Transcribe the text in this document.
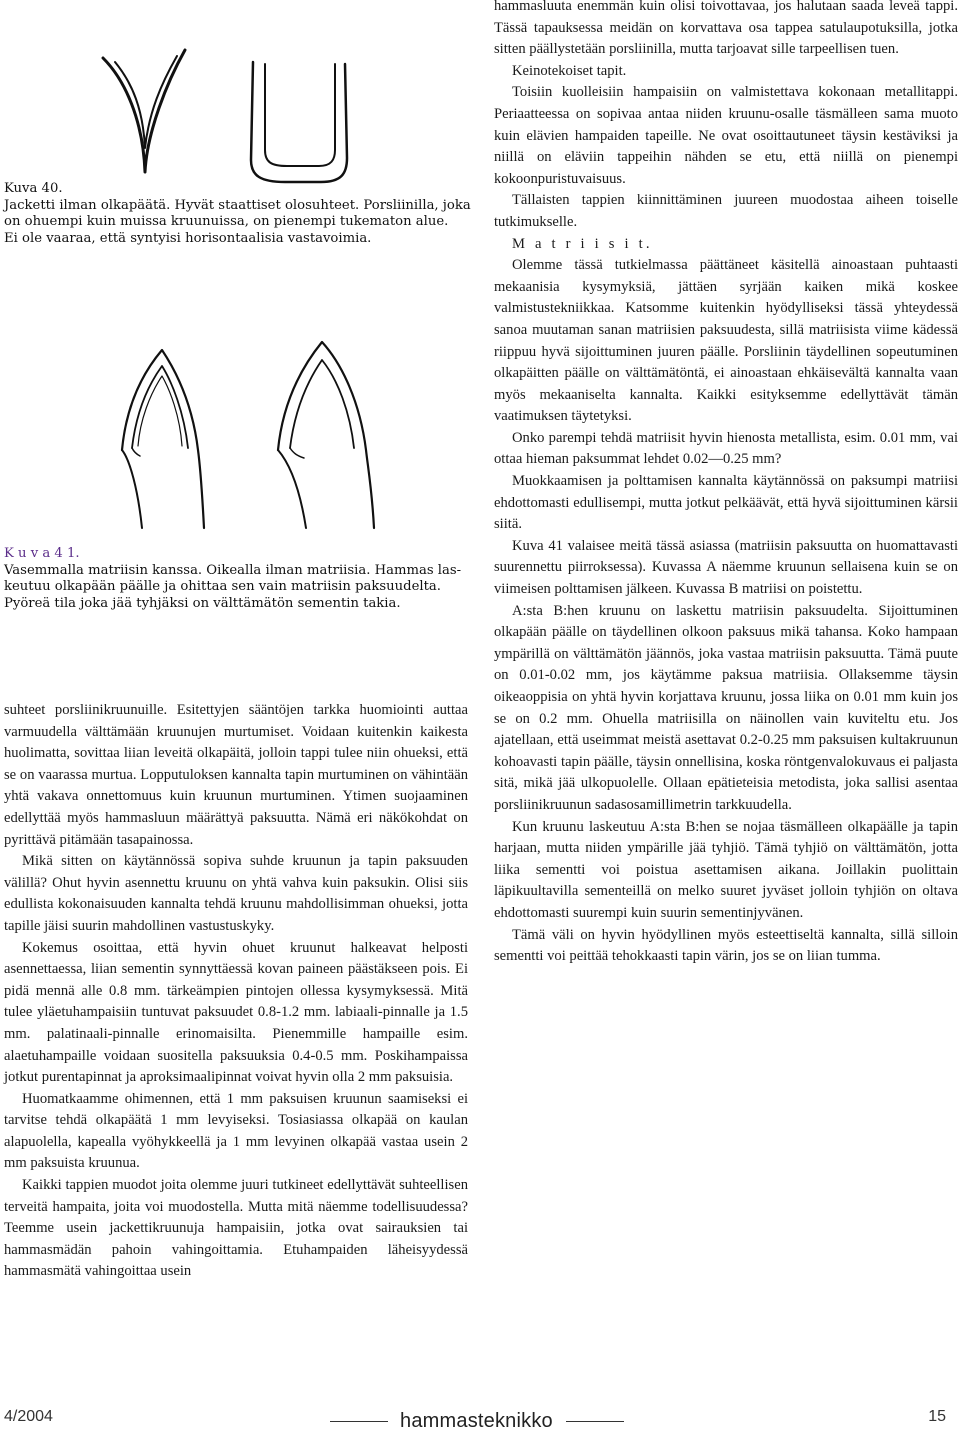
Kuva 40.

Jacketti ilman olkapäätä. Hyvät staattiset olosuhteet. Porsliinilla, joka

on ohuempi kuin muissa kruunuissa, on pienempi tukematon alue.

Ei ole vaaraa, että syntyisi horisontaalisia vastavoimia.

K u v a 4 1.

Vasemmalla matriisin kanssa. Oikealla ilman matriisia. Hammas las-

keutuu olkapään päälle ja ohittaa sen vain matriisin paksuudelta.

Pyöreä tila joka jää tyhjäksi on välttämätön sementin takia.

suhteet porsliinikruunuille. Esitettyjen sääntöjen tarkka huomiointi auttaa varmuudella välttämään kruunujen murtumiset. Voidaan kuitenkin kaikesta huolimatta, sovittaa liian leveitä olkapäitä, jolloin tappi tulee niin ohueksi, että se on vaarassa murtua. Lopputuloksen kannalta tapin murtuminen on vähintään yhtä vakava onnettomuus kuin kruunun murtuminen. Ytimen suojaaminen edellyttää myös hammasluun määrättyä paksuutta. Nämä eri näkökohdat on pyrittävä pitämään tasapainossa.

Mikä sitten on käytännössä sopiva suhde kruunun ja tapin paksuuden välillä? Ohut hyvin asennettu kruunu on yhtä vahva kuin paksukin. Olisi siis edullista kokonaisuuden kannalta tehdä kruunu mahdollisimman ohueksi, jotta tapille jäisi suurin mahdollinen vastustuskyky.

Kokemus osoittaa, että hyvin ohuet kruunut halkeavat helposti asennettaessa, liian sementin synnyttäessä kovan paineen päästäkseen pois. Ei pidä mennä alle 0.8 mm. tärkeämpien pintojen ollessa kysymyksessä. Mitä tulee yläetuhampaisiin tuntuvat paksuudet 0.8-1.2 mm. labiaali-pinnalle ja 1.5 mm. palatinaali-pinnalle erinomaisilta. Pienemmille hampaille esim. alaetuhampaille voidaan suositella paksuuksia 0.4-0.5 mm. Poskihampaissa jotkut purentapinnat ja aproksimaalipinnat voivat hyvin olla 2 mm paksuisia.

Huomatkaamme ohimennen, että 1 mm paksuisen kruunun saamiseksi ei tarvitse tehdä olkapäätä 1 mm levyiseksi. Tosiasiassa olkapää on kaulan alapuolella, kapealla vyöhykkeellä ja 1 mm levyinen olkapää vastaa usein 2 mm paksuista kruunua.

Kaikki tappien muodot joita olemme juuri tutkineet edellyttävät suhteellisen terveitä hampaita, joita voi muodostella. Mutta mitä näemme todellisuudessa? Teemme usein jackettikruunuja hampaisiin, jotka ovat sairauksien tai hammasmädän pahoin vahingoittamia. Etuhampaiden läheisyydessä hammasmätä vahingoittaa usein

hammasluuta enemmän kuin olisi toivottavaa, jos halutaan saada leveä tappi. Tässä tapauksessa meidän on korvattava osa tappea satulaupotuksilla, jotka sitten päällystetään porsliinilla, mutta tarjoavat sille tarpeellisen tuen.

Keinotekoiset tapit.

Toisiin kuolleisiin hampaisiin on valmistettava kokonaan metallitappi. Periaatteessa on sopivaa antaa niiden kruunu-osalle täsmälleen sama muoto kuin elävien hampaiden tapeille. Ne ovat osoittautuneet täysin kestäviksi ja niillä on eläviin tappeihin nähden se etu, että niillä on pienempi kokoonpuristuvaisuus.

Tällaisten tappien kiinnittäminen juureen muodostaa aiheen toiselle tutkimukselle.

M a t r i i s i t.

Olemme tässä tutkielmassa päättäneet käsitellä ainoastaan puhtaasti mekaanisia kysymyksiä, jättäen syrjään kaiken mikä koskee valmistustekniikkaa. Katsomme kuitenkin hyödylliseksi tässä yhteydessä sanoa muutaman sanan matriisien paksuudesta, sillä matriisista viime kädessä riippuu hyvä sijoittuminen juuren päälle. Porsliinin täydellinen sopeutuminen olkapäitten päälle on välttämätöntä, ei ainoastaan ehkäisevältä kannalta vaan myös mekaaniselta kannalta. Kaikki esityksemme edellyttävät tämän vaatimuksen täytetyksi.

Onko parempi tehdä matriisit hyvin hienosta metallista, esim. 0.01 mm, vai ottaa hieman paksummat lehdet 0.02—0.25 mm?

Muokkaamisen ja polttamisen kannalta käytännössä on paksumpi matriisi ehdottomasti edullisempi, mutta jotkut pelkäävät, että hyvä sijoittuminen kärsii siitä.

Kuva 41 valaisee meitä tässä asiassa (matriisin paksuutta on huomattavasti suurennettu piirroksessa). Kuvassa A näemme kruunun sellaisena kuin se on viimeisen polttamisen jälkeen. Kuvassa B matriisi on poistettu.

A:sta B:hen kruunu on laskettu matriisin paksuudelta. Sijoittuminen olkapään päälle on täydellinen olkoon paksuus mikä tahansa. Koko hampaan ympärillä on välttämätön jäännös, joka vastaa matriisin paksuutta. Tämä puute on 0.01-0.02 mm, jos käytämme paksua matriisia. Ollaksemme täysin oikeaoppisia on yhtä hyvin korjattava kruunu, jossa liika on 0.01 mm kuin jos se on 0.2 mm. Ohuella matriisilla on näinollen vain kuviteltu etu. Jos ajatellaan, että useimmat meistä asettavat 0.2-0.25 mm paksuisen kultakruunun kohoavasti tapin päälle, täysin onnellisina, koska röntgenvalokuvaus ei paljasta sitä, mikä jää ulkopuolelle. Ollaan epätieteisia metodista, joka sallisi asentaa porsliinikruunun sadasosamillimetrin tarkkuudella.

Kun kruunu laskeutuu A:sta B:hen se nojaa täsmälleen olkapäälle ja tapin harjaan, mutta niiden ympärille jää tyhjiö. Tämä tyhjiö on välttämätön, jotta liika sementti voi poistua asettamisen aikana. Joillakin puolittain läpikuultavilla sementeillä on melko suuret jyväset jolloin tyhjiön on oltava ehdottomasti suurempi kuin suurin sementinjyvänen.

Tämä väli on hyvin hyödyllinen myös esteettiseltä kannalta, sillä silloin sementti voi peittää tehokkaasti tapin värin, jos se on liian tumma.

4/2004	hammasteknikko	15
